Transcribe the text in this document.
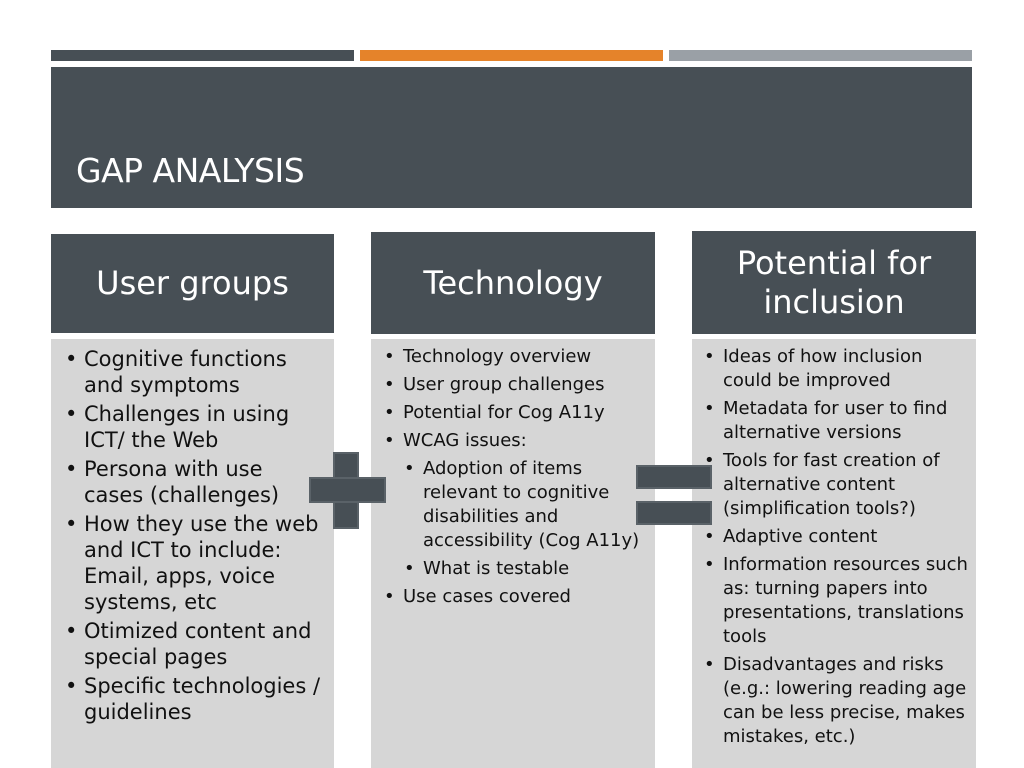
GAP ANALYSIS
User groups
• Cognitive functions and symptoms
• Challenges in using ICT/ the Web
• Persona with use cases (challenges)
• How they use the web and ICT to include: Email, apps, voice systems, etc
• Otimized content and special pages
• Specific technologies / guidelines
Technology
• Technology overview
• User group challenges
• Potential for Cog A11y
• WCAG issues:
• Adoption of items relevant to cognitive disabilities and accessibility (Cog A11y)
• What is testable
• Use cases covered
Potential for inclusion
• Ideas of how inclusion could be improved
• Metadata for user to find alternative versions
• Tools for fast creation of alternative content (simplification tools?)
• Adaptive content
• Information resources such as: turning papers into presentations, translations tools
• Disadvantages and risks (e.g.: lowering reading age can be less precise, makes mistakes, etc.)
